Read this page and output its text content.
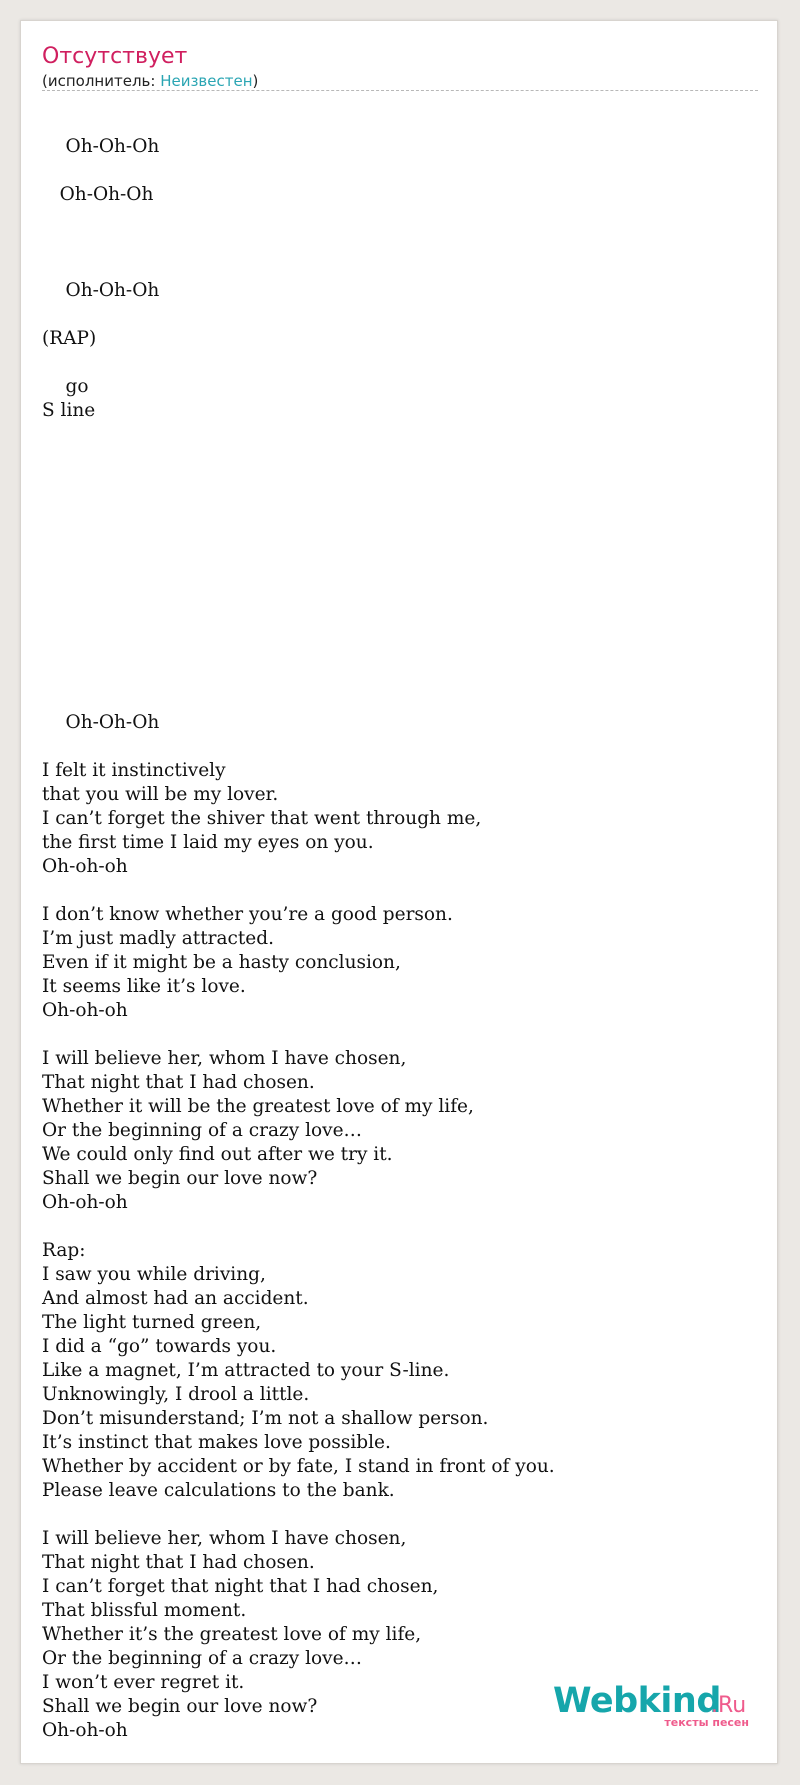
Отсутствует
(исполнитель: Неизвестен)
Oh-Oh-Oh
Oh-Oh-Oh
Oh-Oh-Oh
(RAP)
go
S line
Oh-Oh-Oh
I felt it instinctively
that you will be my lover.
I can’t forget the shiver that went through me,
the first time I laid my eyes on you.
Oh-oh-oh
I don’t know whether you’re a good person.
I’m just madly attracted.
Even if it might be a hasty conclusion,
It seems like it’s love.
Oh-oh-oh
I will believe her, whom I have chosen,
That night that I had chosen.
Whether it will be the greatest love of my life,
Or the beginning of a crazy love…
We could only find out after we try it.
Shall we begin our love now?
Oh-oh-oh
Rap:
I saw you while driving,
And almost had an accident.
The light turned green,
I did a “go” towards you.
Like a magnet, I’m attracted to your S-line.
Unknowingly, I drool a little.
Don’t misunderstand; I’m not a shallow person.
It’s instinct that makes love possible.
Whether by accident or by fate, I stand in front of you.
Please leave calculations to the bank.
I will believe her, whom I have chosen,
That night that I had chosen.
I can’t forget that night that I had chosen,
That blissful moment.
Whether it’s the greatest love of my life,
Or the beginning of a crazy love…
I won’t ever regret it.
Shall we begin our love now?
Oh-oh-oh
Webkind
.Ru
тексты песен
